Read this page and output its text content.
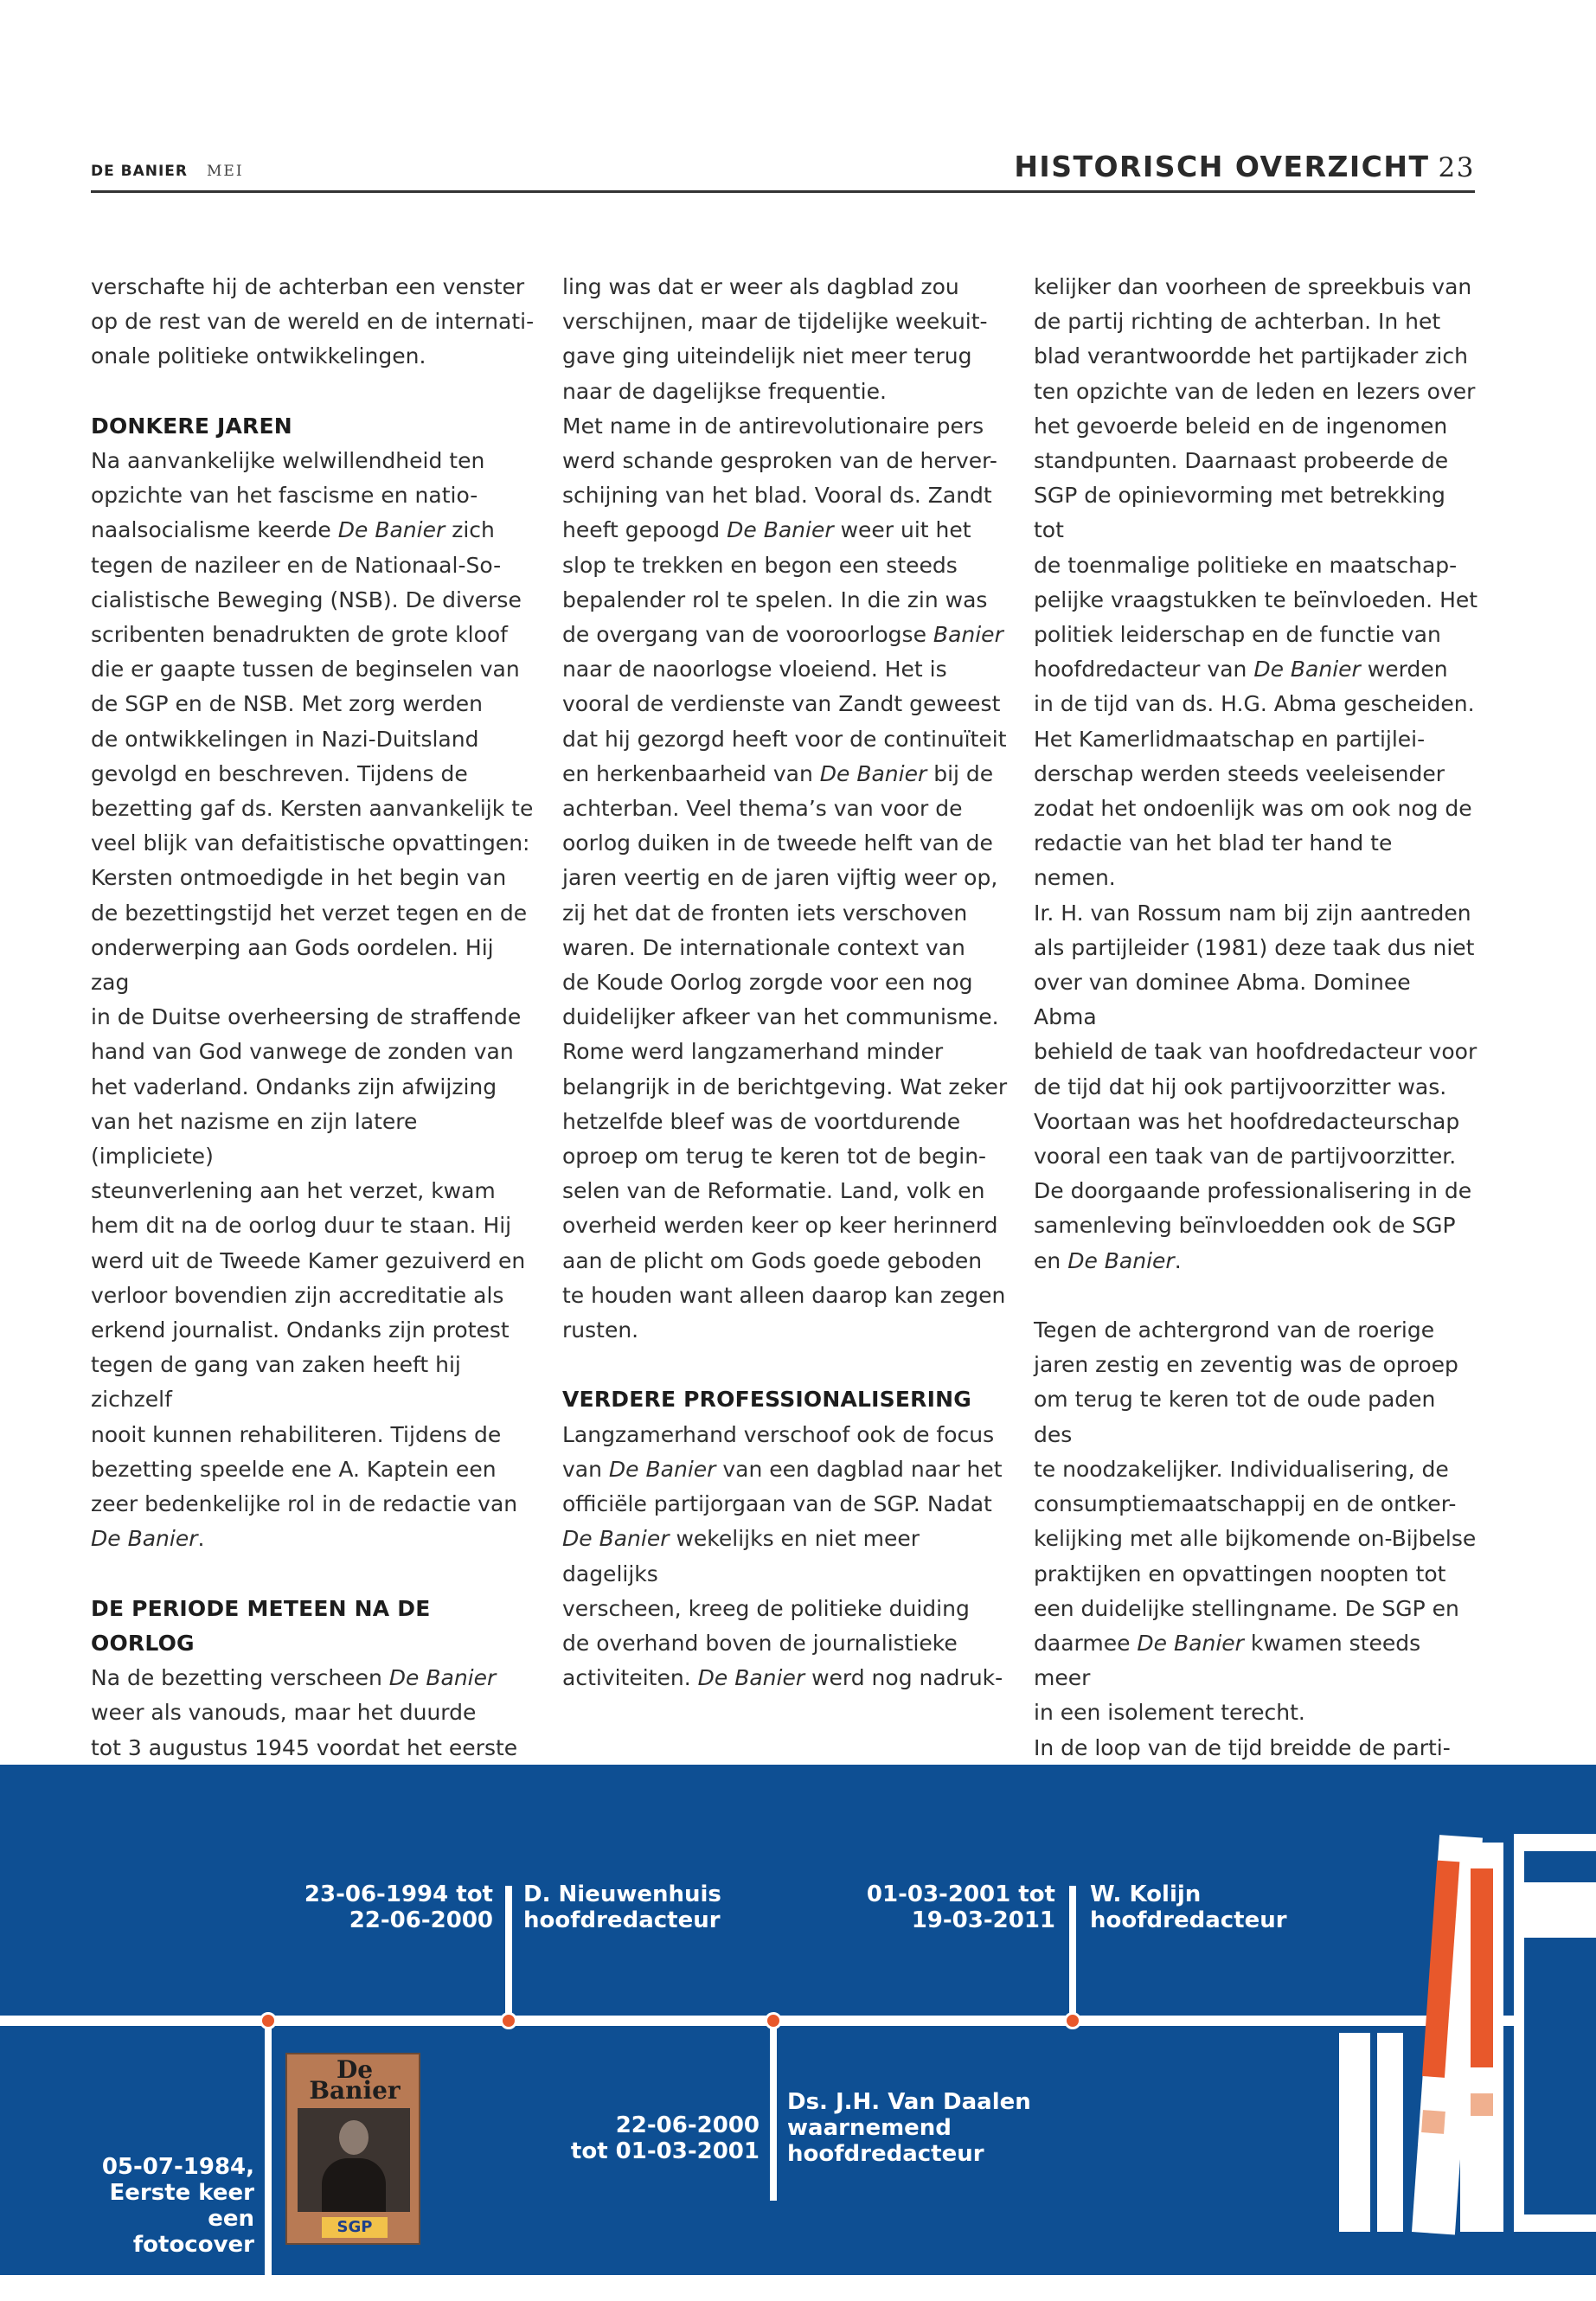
DE BANIER MEI	HISTORISCH OVERZICHT 23

verschafte hij de achterban een venster
op de rest van de wereld en de internati-
onale politieke ontwikkelingen.

DONKERE JAREN

Na aanvankelijke welwillendheid ten
opzichte van het fascisme en natio-
naalsocialisme keerde De Banier zich
tegen de nazileer en de Nationaal-So-
cialistische Beweging (NSB). De diverse
scribenten benadrukten de grote kloof
die er gaapte tussen de beginselen van
de SGP en de NSB. Met zorg werden
de ontwikkelingen in Nazi-Duitsland
gevolgd en beschreven. Tijdens de
bezetting gaf ds. Kersten aanvankelijk te
veel blijk van defaitistische opvattingen:
Kersten ontmoedigde in het begin van
de bezettingstijd het verzet tegen en de
onderwerping aan Gods oordelen. Hij zag
in de Duitse overheersing de straffende
hand van God vanwege de zonden van
het vaderland. Ondanks zijn afwijzing
van het nazisme en zijn latere (impliciete)
steunverlening aan het verzet, kwam
hem dit na de oorlog duur te staan. Hij
werd uit de Tweede Kamer gezuiverd en
verloor bovendien zijn accreditatie als
erkend journalist. Ondanks zijn protest
tegen de gang van zaken heeft hij zichzelf
nooit kunnen rehabiliteren. Tijdens de
bezetting speelde ene A. Kaptein een
zeer bedenkelijke rol in de redactie van
De Banier.

DE PERIODE METEEN NA DE OORLOG

Na de bezetting verscheen De Banier
weer als vanouds, maar het duurde
tot 3 augustus 1945 voordat het eerste

ling was dat er weer als dagblad zou
verschijnen, maar de tijdelijke weekuit-
gave ging uiteindelijk niet meer terug
naar de dagelijkse frequentie.
Met name in de antirevolutionaire pers
werd schande gesproken van de herver-
schijning van het blad. Vooral ds. Zandt
heeft gepoogd De Banier weer uit het
slop te trekken en begon een steeds
bepalender rol te spelen. In die zin was
de overgang van de vooroorlogse Banier
naar de naoorlogse vloeiend. Het is
vooral de verdienste van Zandt geweest
dat hij gezorgd heeft voor de continuïteit
en herkenbaarheid van De Banier bij de
achterban. Veel thema’s van voor de
oorlog duiken in de tweede helft van de
jaren veertig en de jaren vijftig weer op,
zij het dat de fronten iets verschoven
waren. De internationale context van
de Koude Oorlog zorgde voor een nog
duidelijker afkeer van het communisme.
Rome werd langzamerhand minder
belangrijk in de berichtgeving. Wat zeker
hetzelfde bleef was de voortdurende
oproep om terug te keren tot de begin-
selen van de Reformatie. Land, volk en
overheid werden keer op keer herinnerd
aan de plicht om Gods goede geboden
te houden want alleen daarop kan zegen
rusten.

VERDERE PROFESSIONALISERING

Langzamerhand verschoof ook de focus
van De Banier van een dagblad naar het
officiële partijorgaan van de SGP. Nadat
De Banier wekelijks en niet meer dagelijks
verscheen, kreeg de politieke duiding
de overhand boven de journalistieke
activiteiten. De Banier werd nog nadruk-

kelijker dan voorheen de spreekbuis van
de partij richting de achterban. In het
blad verantwoordde het partijkader zich
ten opzichte van de leden en lezers over
het gevoerde beleid en de ingenomen
standpunten. Daarnaast probeerde de
SGP de opinievorming met betrekking tot
de toenmalige politieke en maatschap-
pelijke vraagstukken te beïnvloeden. Het
politiek leiderschap en de functie van
hoofdredacteur van De Banier werden
in de tijd van ds. H.G. Abma gescheiden.
Het Kamerlidmaatschap en partijlei-
derschap werden steeds veeleisender
zodat het ondoenlijk was om ook nog de
redactie van het blad ter hand te nemen.
Ir. H. van Rossum nam bij zijn aantreden
als partijleider (1981) deze taak dus niet
over van dominee Abma. Dominee Abma
behield de taak van hoofdredacteur voor
de tijd dat hij ook partijvoorzitter was.
Voortaan was het hoofdredacteurschap
vooral een taak van de partijvoorzitter.
De doorgaande professionalisering in de
samenleving beïnvloedden ook de SGP
en De Banier.

Tegen de achtergrond van de roerige
jaren zestig en zeventig was de oproep
om terug te keren tot de oude paden des
te noodzakelijker. Individualisering, de
consumptiemaatschappij en de ontker-
kelijking met alle bijkomende on-Bijbelse
praktijken en opvattingen noopten tot
een duidelijke stellingname. De SGP en
daarmee De Banier kwamen steeds meer
in een isolement terecht.
In de loop van de tijd breidde de parti-

05-07-1984,
Eerste keer een
fotocover
De
Banier
SGP
23-06-1994 tot
22-06-2000
D. Nieuwenhuis
hoofdredacteur
22-06-2000
tot 01-03-2001
Ds. J.H. Van Daalen
waarnemend
hoofdredacteur
01-03-2001 tot
19-03-2011
W. Kolijn
hoofdredacteur
